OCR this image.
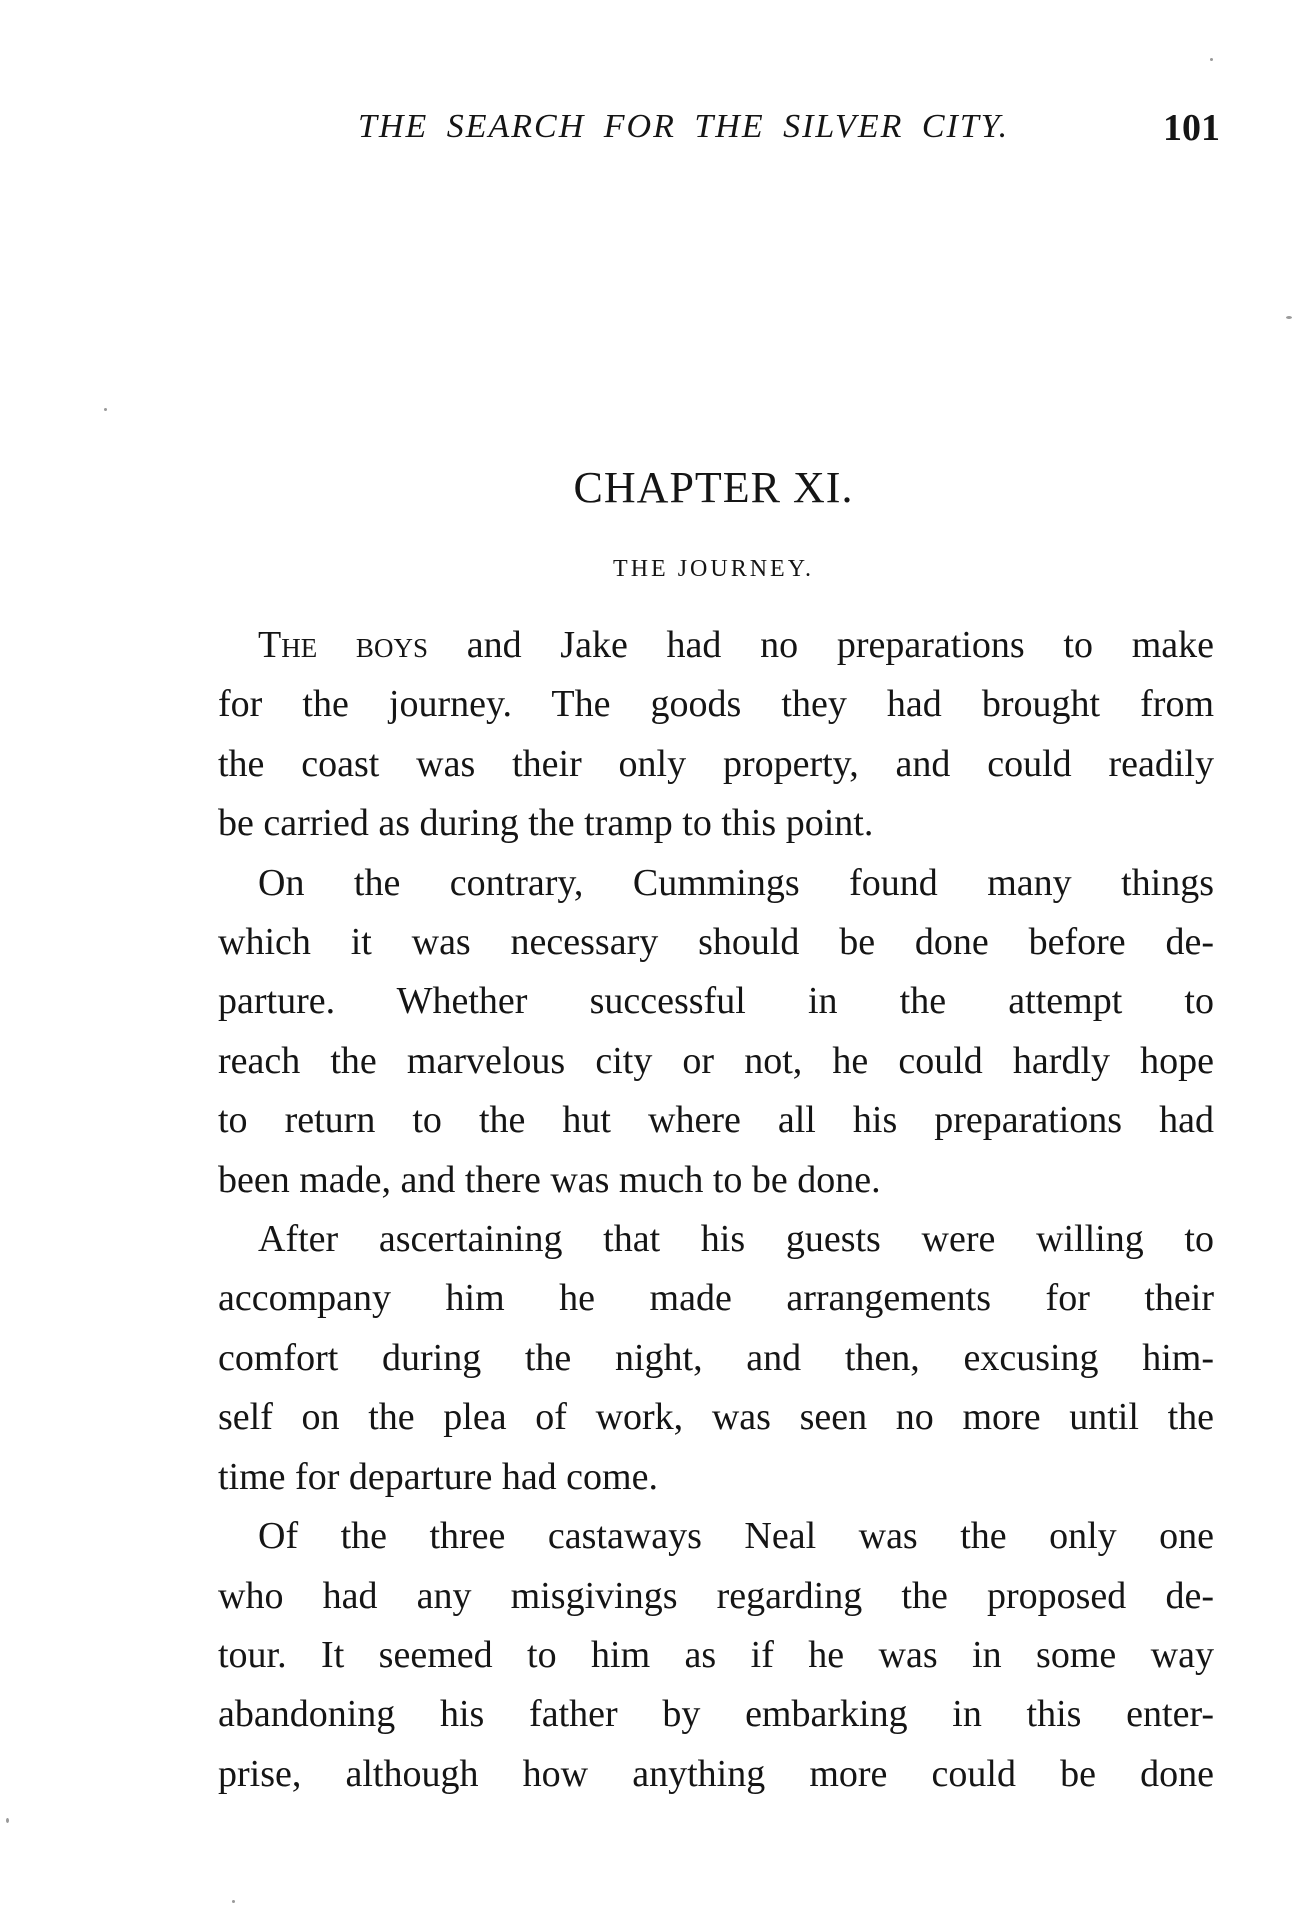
THE SEARCH FOR THE SILVER CITY.	101
CHAPTER XI.
THE JOURNEY.
The boys and Jake had no preparations to make
for the journey. The goods they had brought from
the coast was their only property, and could readily
be carried as during the tramp to this point.
On the contrary, Cummings found many things
which it was necessary should be done before de-
parture. Whether successful in the attempt to
reach the marvelous city or not, he could hardly hope
to return to the hut where all his preparations had
been made, and there was much to be done.
After ascertaining that his guests were willing to
accompany him he made arrangements for their
comfort during the night, and then, excusing him-
self on the plea of work, was seen no more until the
time for departure had come.
Of the three castaways Neal was the only one
who had any misgivings regarding the proposed de-
tour. It seemed to him as if he was in some way
abandoning his father by embarking in this enter-
prise, although how anything more could be done
